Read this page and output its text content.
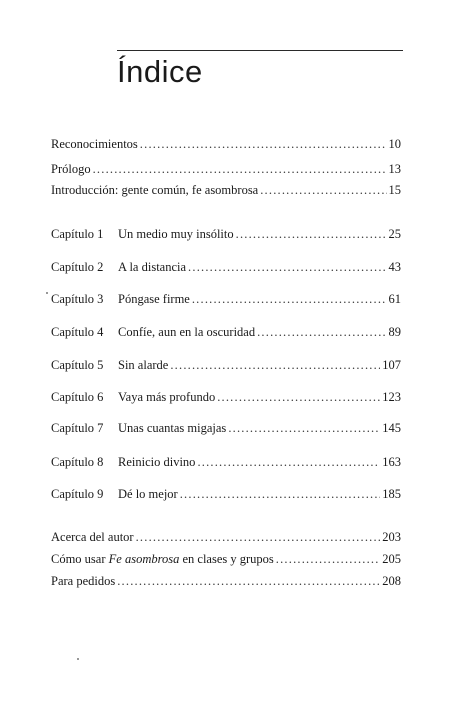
Índice
Reconocimientos .....	10
Prólogo .....	13
Introducción: gente común, fe asombrosa .....	15
Capítulo 1	Un medio muy insólito .....	25
Capítulo 2	A la distancia .....	43
Capítulo 3	Póngase firme .....	61
Capítulo 4	Confíe, aun en la oscuridad .....	89
Capítulo 5	Sin alarde .....	107
Capítulo 6	Vaya más profundo .....	123
Capítulo 7	Unas cuantas migajas .....	145
Capítulo 8	Reinicio divino .....	163
Capítulo 9	Dé lo mejor .....	185
Acerca del autor .....	203
Cómo usar Fe asombrosa en clases y grupos .....	205
Para pedidos .....	208
